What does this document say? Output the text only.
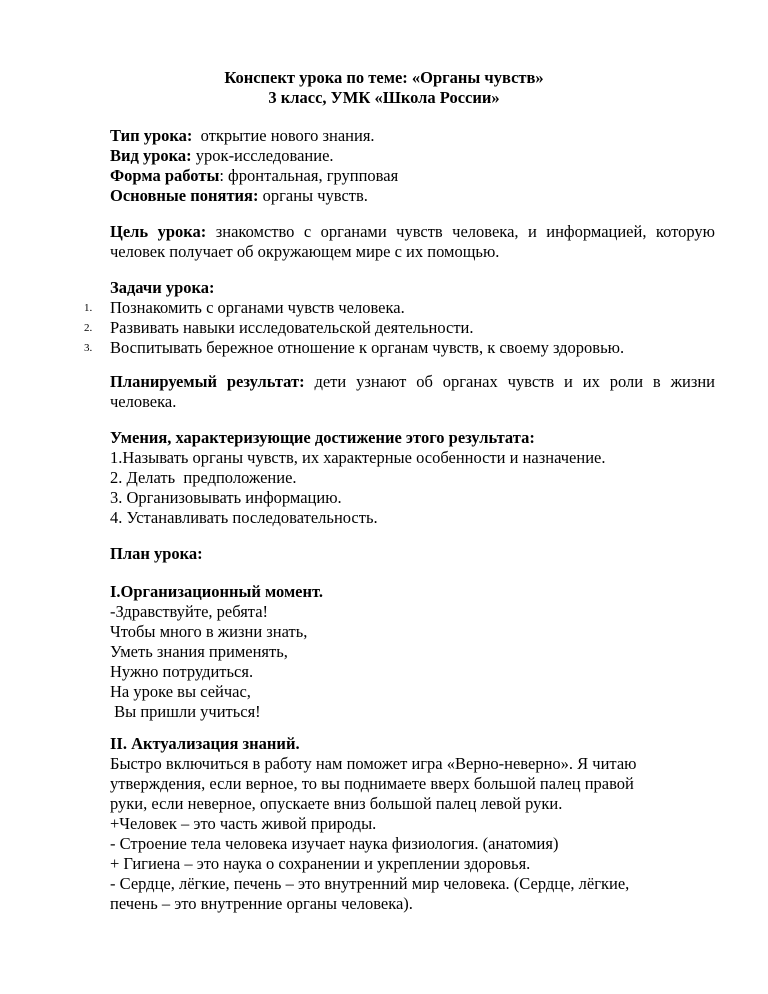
Конспект урока по теме: «Органы чувств»
3 класс, УМК «Школа России»
Тип урока:  открытие нового знания.
Вид урока: урок-исследование.
Форма работы: фронтальная, групповая
Основные понятия: органы чувств.
Цель урока: знакомство с органами чувств человека, и информацией, которую человек получает об окружающем мире с их помощью.
Задачи урока:
1.	Познакомить с органами чувств человека.
2.	Развивать навыки исследовательской деятельности.
3.	Воспитывать бережное отношение к органам чувств, к своему здоровью.
Планируемый результат: дети узнают об органах чувств и их роли в жизни человека.
Умения, характеризующие достижение этого результата:
1.Называть органы чувств, их характерные особенности и назначение.
2. Делать  предположение.
3. Организовывать информацию.
4. Устанавливать последовательность.
План урока:
I.Организационный момент.
-Здравствуйте, ребята!
Чтобы много в жизни знать,
Уметь знания применять,
Нужно потрудиться.
На уроке вы сейчас,
Вы пришли учиться!
II. Актуализация знаний.
Быстро включиться в работу нам поможет игра «Верно-неверно». Я читаю
утверждения, если верное, то вы поднимаете вверх большой палец правой
руки, если неверное, опускаете вниз большой палец левой руки.
+Человек – это часть живой природы.
- Строение тела человека изучает наука физиология. (анатомия)
+ Гигиена – это наука о сохранении и укреплении здоровья.
- Сердце, лёгкие, печень – это внутренний мир человека. (Сердце, лёгкие,
печень – это внутренние органы человека).
